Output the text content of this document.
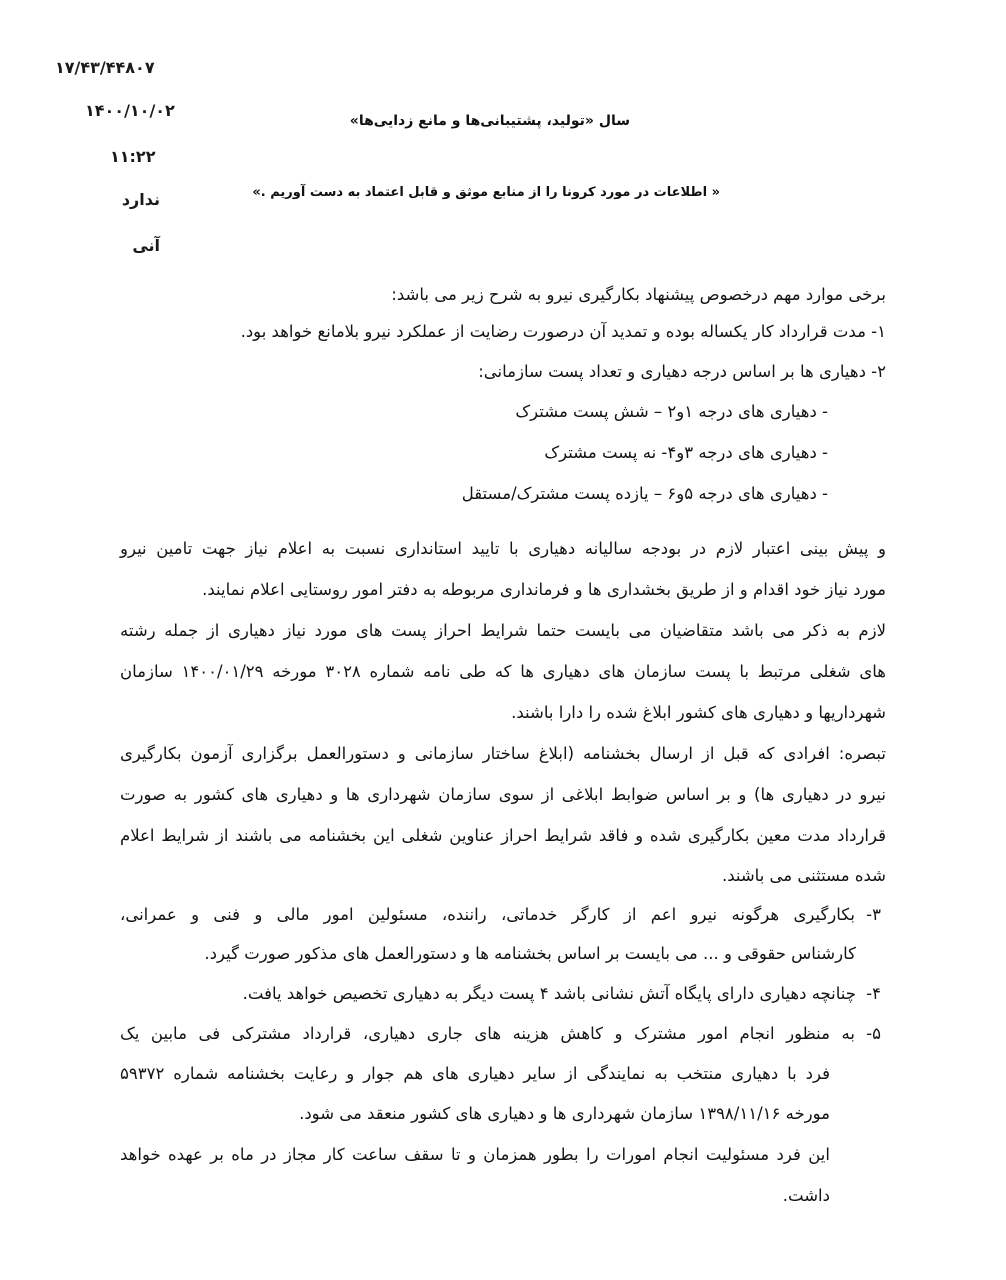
۱۷/۴۳/۴۴۸۰۷
۱۴۰۰/۱۰/۰۲
۱۱:۲۲
ندارد
آنی
سال «تولید، پشتیبانی‌ها و مانع زدایی‌ها»
« اطلاعات در مورد کرونا را از منابع موثق و قابل اعتماد به دست آوریم .»
برخی موارد مهم درخصوص پیشنهاد بکارگیری نیرو به شرح زیر می باشد:
۱- مدت قرارداد کار یکساله بوده و تمدید آن درصورت رضایت از عملکرد نیرو بلامانع خواهد بود.
۲- دهیاری ها بر اساس درجه دهیاری و تعداد پست سازمانی:
- دهیاری های درجه ۱و۲ – شش پست مشترک
- دهیاری های درجه ۳و۴- نه پست مشترک
- دهیاری های درجه ۵و۶ – یازده پست مشترک/مستقل
و پیش بینی اعتبار لازم در بودجه سالیانه دهیاری با تایید استانداری نسبت به اعلام نیاز جهت تامین نیرو
مورد نیاز خود اقدام و از طریق بخشداری ها و فرمانداری مربوطه به دفتر امور روستایی اعلام نمایند.
لازم به ذکر می باشد متقاضیان می بایست حتما شرایط احراز پست های مورد نیاز دهیاری از جمله رشته
های شغلی مرتبط با پست سازمان های دهیاری ها که طی نامه شماره ۳۰۲۸ مورخه ۱۴۰۰/۰۱/۲۹ سازمان
شهرداریها و دهیاری های کشور ابلاغ شده را دارا باشند.
تبصره: افرادی که قبل از ارسال بخشنامه (ابلاغ ساختار سازمانی و دستورالعمل برگزاری آزمون بکارگیری
نیرو در دهیاری ها) و بر اساس ضوابط ابلاغی از سوی سازمان شهرداری ها و دهیاری های کشور به صورت
قرارداد مدت معین بکارگیری شده و فاقد شرایط احراز عناوین شغلی این بخشنامه می باشند از شرایط اعلام
شده مستثنی می باشند.
۳-
بکارگیری هرگونه نیرو اعم از کارگر خدماتی، راننده، مسئولین امور مالی و فنی و عمرانی،
کارشناس حقوقی و ... می بایست بر اساس بخشنامه ها و دستورالعمل های مذکور صورت گیرد.
۴-
چنانچه دهیاری دارای پایگاه آتش نشانی باشد ۴ پست دیگر به دهیاری تخصیص خواهد یافت.
۵-
به منظور انجام امور مشترک و کاهش هزینه های جاری دهیاری، قرارداد مشترکی فی مابین یک
فرد با دهیاری منتخب به نمایندگی از سایر دهیاری های هم جوار و رعایت بخشنامه شماره ۵۹۳۷۲
مورخه ۱۳۹۸/۱۱/۱۶ سازمان شهرداری ها و دهیاری های کشور منعقد می شود.
این فرد مسئولیت انجام امورات را بطور همزمان و تا سقف ساعت کار مجاز در ماه بر عهده خواهد
داشت.
